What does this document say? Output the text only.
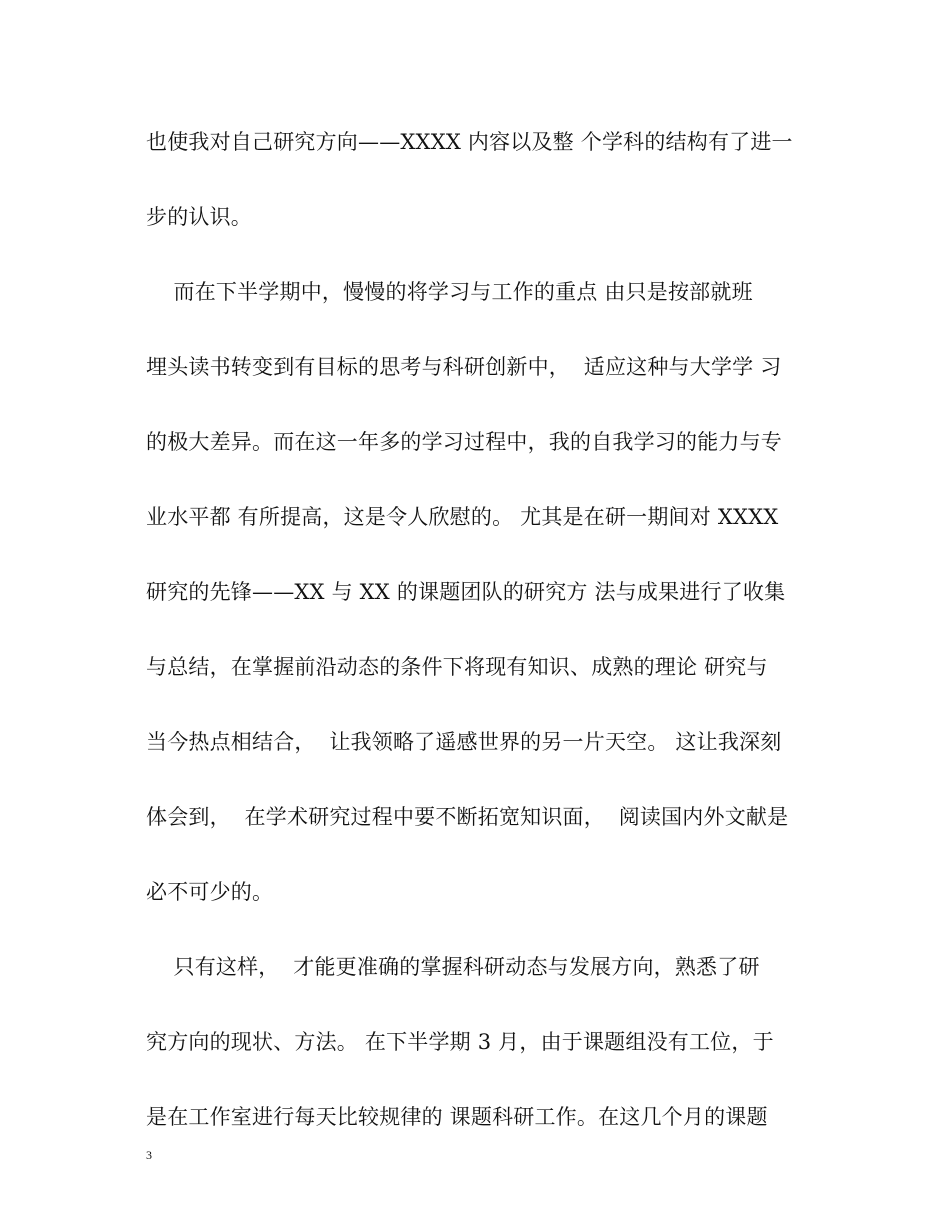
也使我对自己研究方向——XXXX 内容以及整 个学科的结构有了进一
步的认识。
而在下半学期中，慢慢的将学习与工作的重点 由只是按部就班
埋头读书转变到有目标的思考与科研创新中，  适应这种与大学学 习
的极大差异。而在这一年多的学习过程中，我的自我学习的能力与专
业水平都 有所提高，这是令人欣慰的。 尤其是在研一期间对 XXXX
研究的先锋——XX 与 XX 的课题团队的研究方 法与成果进行了收集
与总结，在掌握前沿动态的条件下将现有知识、成熟的理论 研究与
当今热点相结合，  让我领略了遥感世界的另一片天空。 这让我深刻
体会到，  在学术研究过程中要不断拓宽知识面，  阅读国内外文献是
必不可少的。
只有这样，  才能更准确的掌握科研动态与发展方向，熟悉了研
究方向的现状、方法。 在下半学期 3 月，由于课题组没有工位，于
是在工作室进行每天比较规律的 课题科研工作。在这几个月的课题
3
